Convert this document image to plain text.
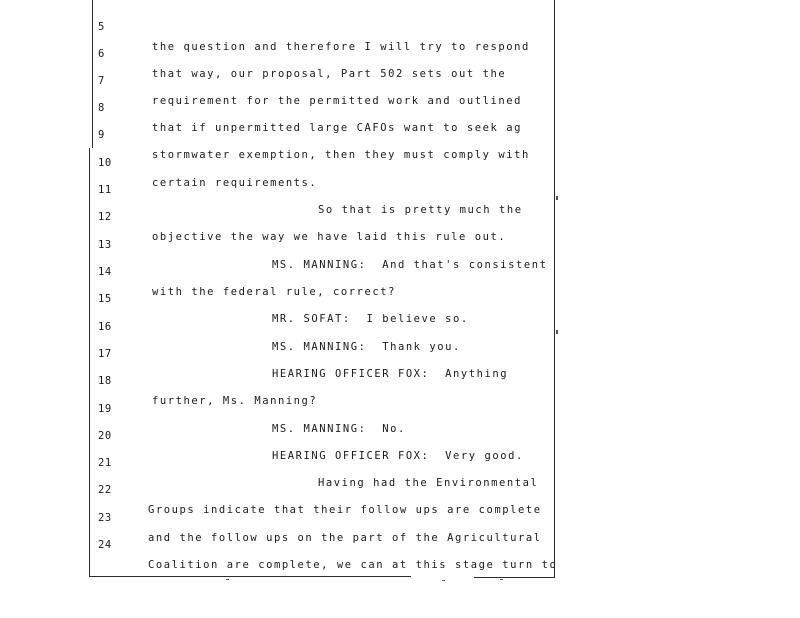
5

the question and therefore I will try to respond

6

that way, our proposal, Part 502 sets out the

7

requirement for the permitted work and outlined

8

that if unpermitted large CAFOs want to seek ag

9

stormwater exemption, then they must comply with

10

certain requirements.

11

So that is pretty much the

12

objective the way we have laid this rule out.

13

MS. MANNING:  And that's consistent

14

with the federal rule, correct?

15

MR. SOFAT:  I believe so.

16

MS. MANNING:  Thank you.

17

HEARING OFFICER FOX:  Anything

18

further, Ms. Manning?

19

MS. MANNING:  No.

20

HEARING OFFICER FOX:  Very good.

21

Having had the Environmental

22

Groups indicate that their follow ups are complete

23

and the follow ups on the part of the Agricultural

24

Coalition are complete, we can at this stage turn to
